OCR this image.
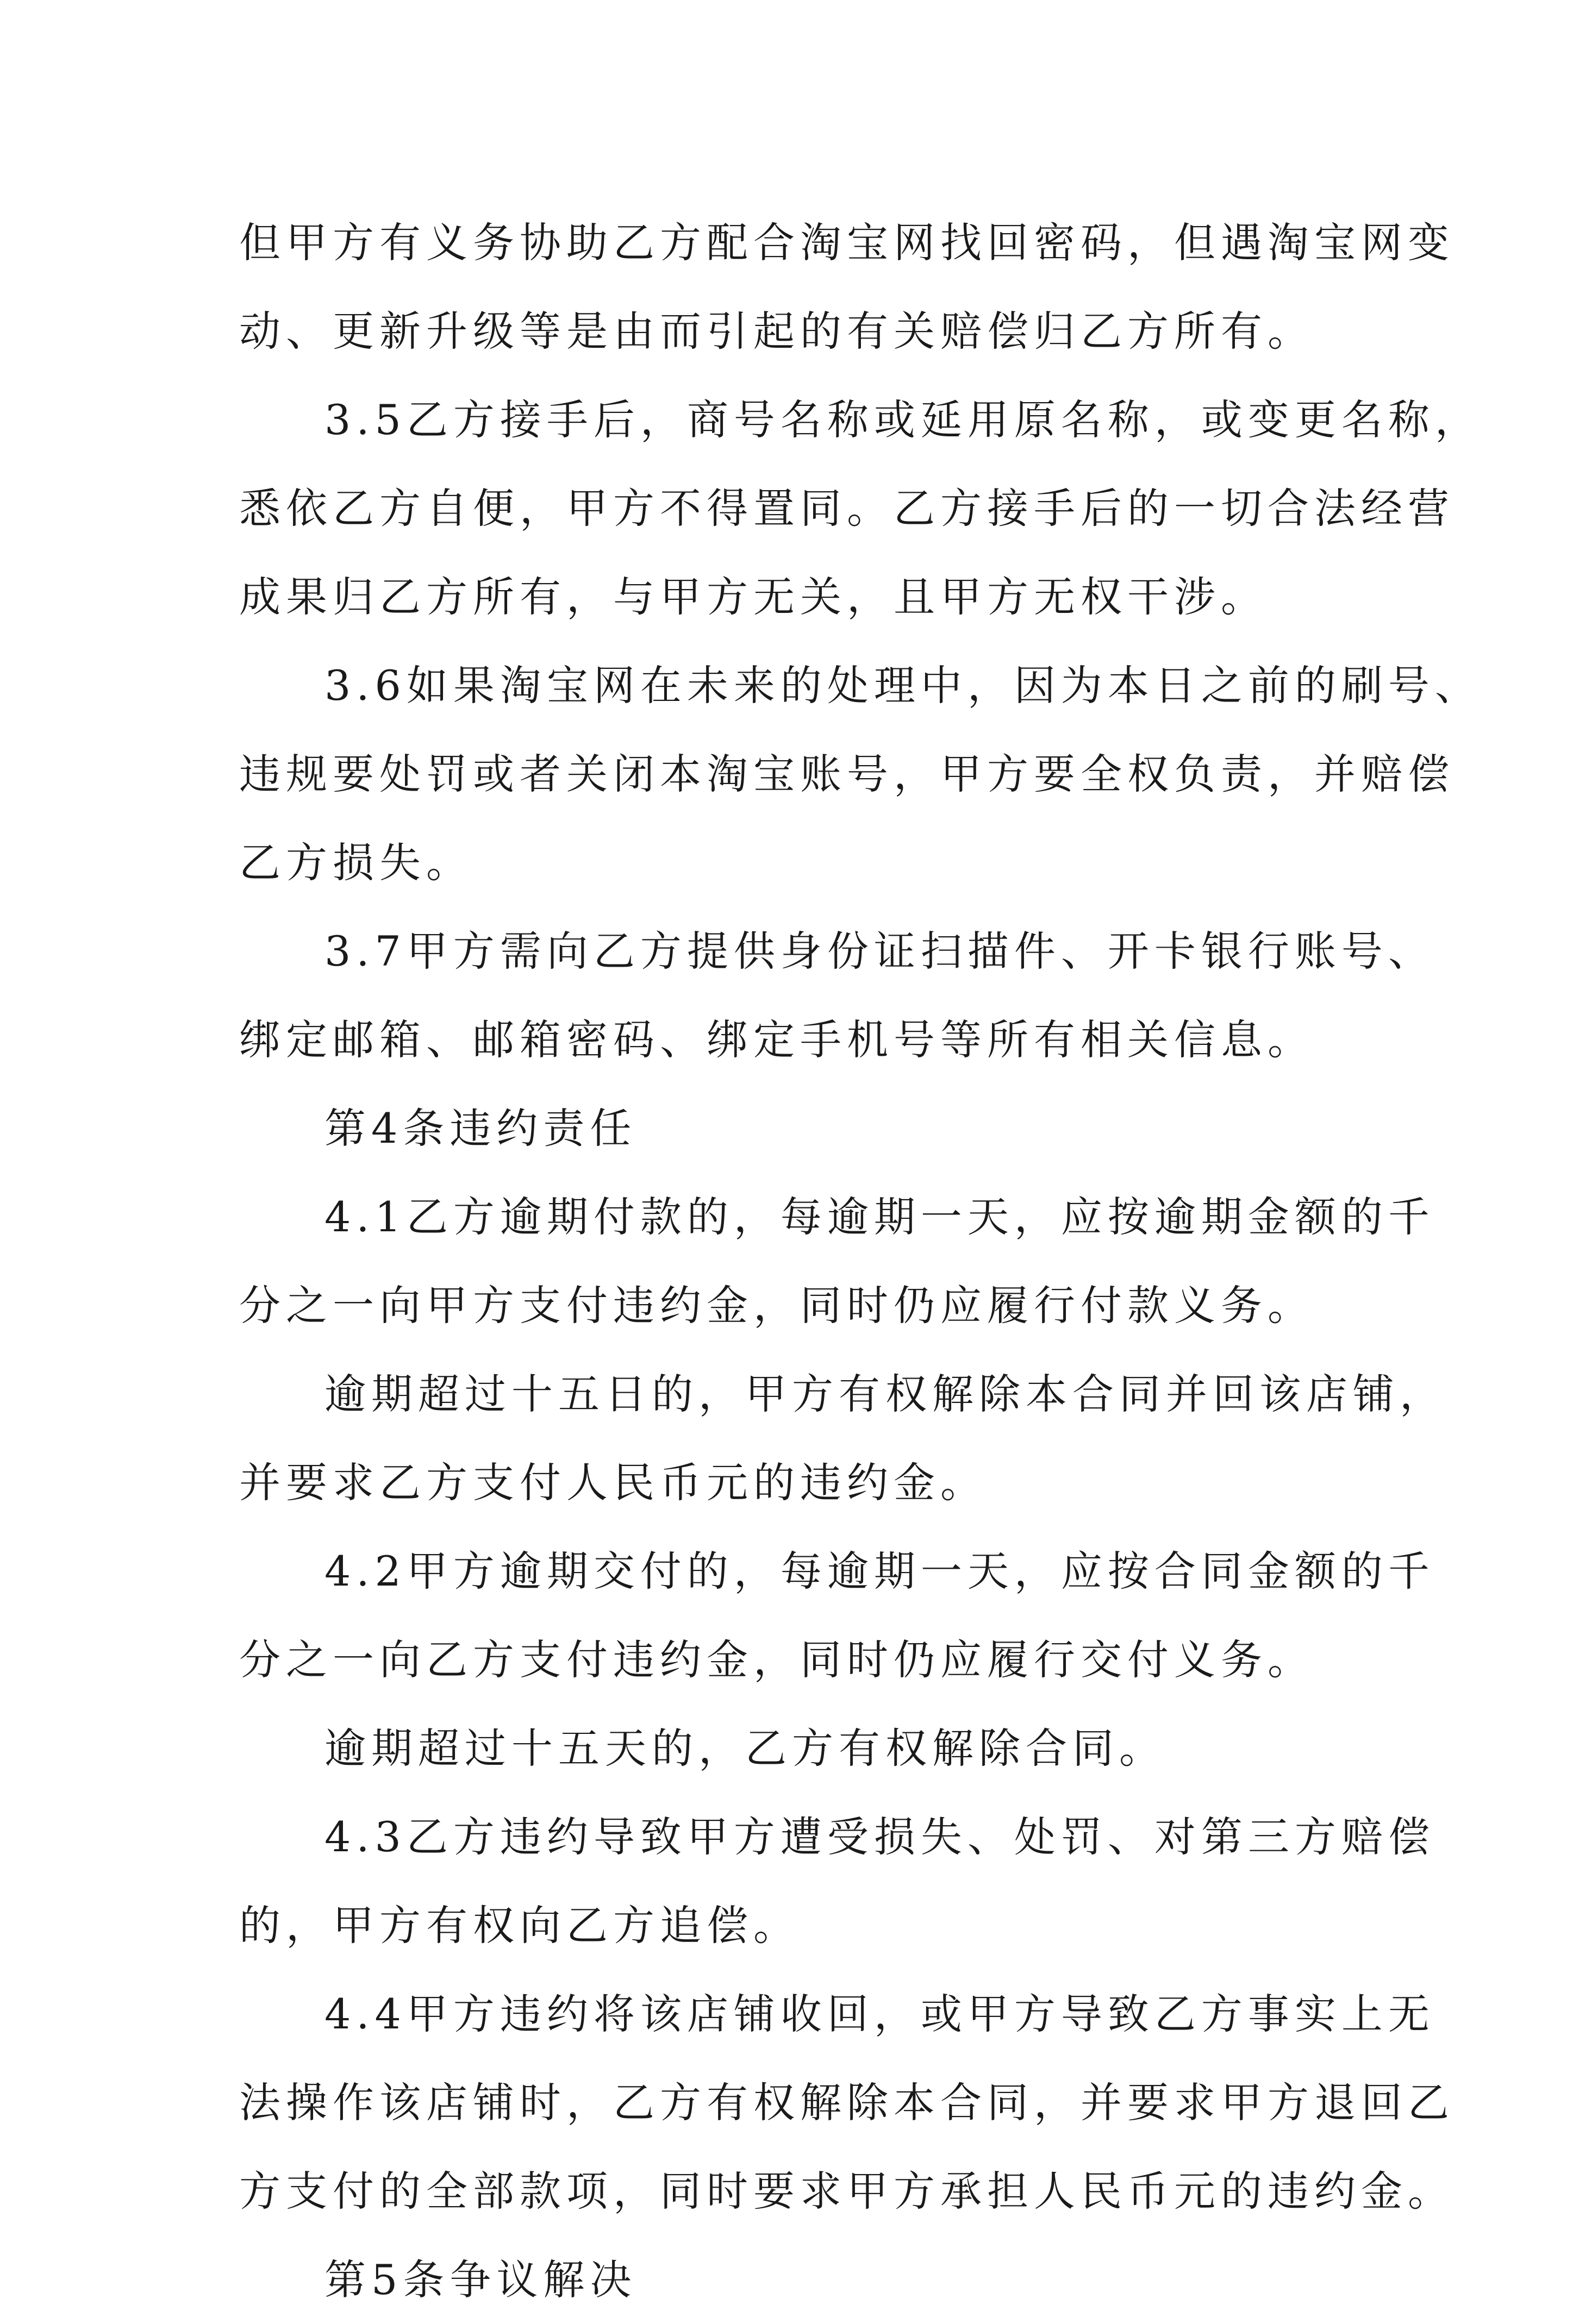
但甲方有义务协助乙方配合淘宝网找回密码，但遇淘宝网变
动、更新升级等是由而引起的有关赔偿归乙方所有。
3.5乙方接手后，商号名称或延用原名称，或变更名称，
悉依乙方自便，甲方不得置同。乙方接手后的一切合法经营
成果归乙方所有，与甲方无关，且甲方无权干涉。
3.6如果淘宝网在未来的处理中，因为本日之前的刷号、
违规要处罚或者关闭本淘宝账号，甲方要全权负责，并赔偿
乙方损失。
3.7甲方需向乙方提供身份证扫描件、开卡银行账号、
绑定邮箱、邮箱密码、绑定手机号等所有相关信息。
第4条违约责任
4.1乙方逾期付款的，每逾期一天，应按逾期金额的千
分之一向甲方支付违约金，同时仍应履行付款义务。
逾期超过十五日的，甲方有权解除本合同并回该店铺，
并要求乙方支付人民币元的违约金。
4.2甲方逾期交付的，每逾期一天，应按合同金额的千
分之一向乙方支付违约金，同时仍应履行交付义务。
逾期超过十五天的，乙方有权解除合同。
4.3乙方违约导致甲方遭受损失、处罚、对第三方赔偿
的，甲方有权向乙方追偿。
4.4甲方违约将该店铺收回，或甲方导致乙方事实上无
法操作该店铺时，乙方有权解除本合同，并要求甲方退回乙
方支付的全部款项，同时要求甲方承担人民币元的违约金。
第5条争议解决
